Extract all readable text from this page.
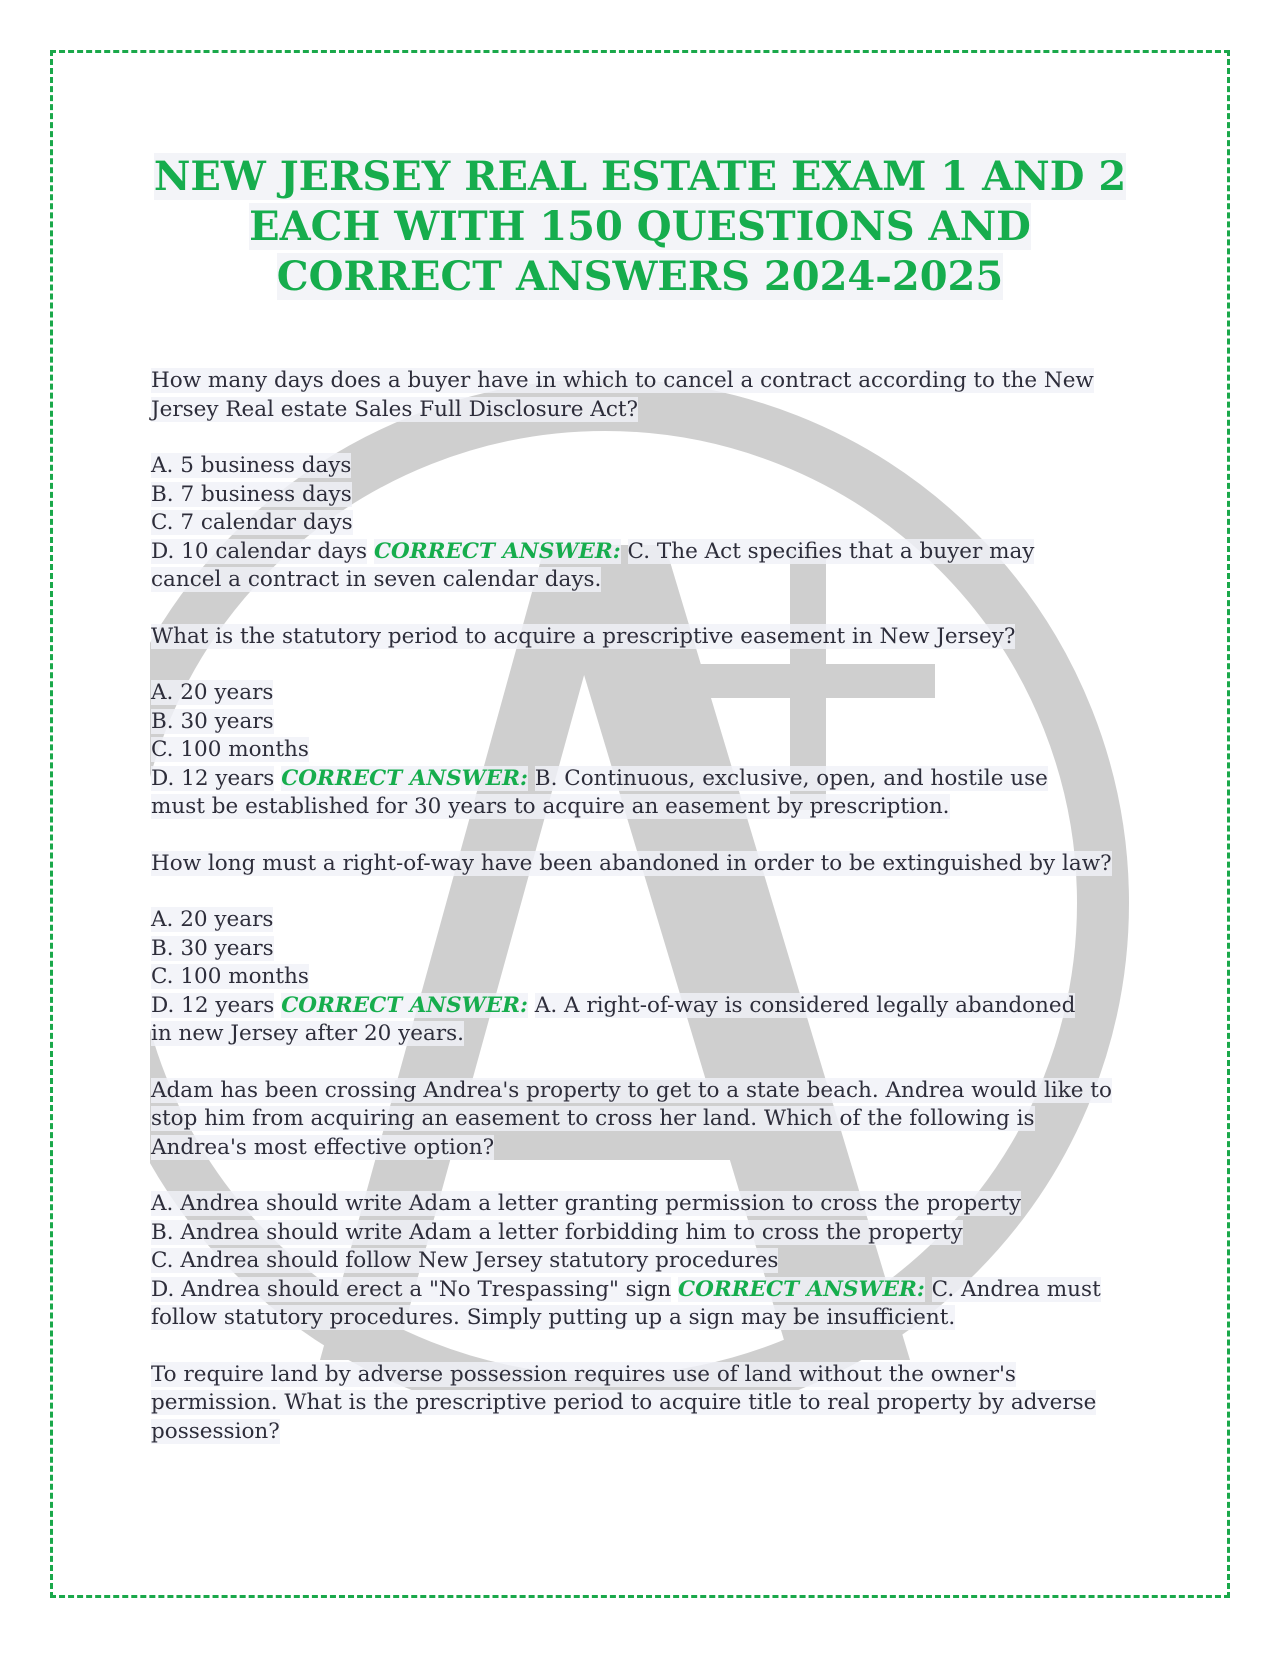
NEW JERSEY REAL ESTATE EXAM 1 AND 2
EACH WITH 150 QUESTIONS AND
CORRECT ANSWERS 2024-2025
How many days does a buyer have in which to cancel a contract according to the New
Jersey Real estate Sales Full Disclosure Act?
A. 5 business days
B. 7 business days
C. 7 calendar days
D. 10 calendar days CORRECT ANSWER: C. The Act specifies that a buyer may
cancel a contract in seven calendar days.
What is the statutory period to acquire a prescriptive easement in New Jersey?
A. 20 years
B. 30 years
C. 100 months
D. 12 years CORRECT ANSWER: B. Continuous, exclusive, open, and hostile use
must be established for 30 years to acquire an easement by prescription.
How long must a right-of-way have been abandoned in order to be extinguished by law?
A. 20 years
B. 30 years
C. 100 months
D. 12 years CORRECT ANSWER: A. A right-of-way is considered legally abandoned
in new Jersey after 20 years.
Adam has been crossing Andrea's property to get to a state beach. Andrea would like to
stop him from acquiring an easement to cross her land. Which of the following is
Andrea's most effective option?
A. Andrea should write Adam a letter granting permission to cross the property
B. Andrea should write Adam a letter forbidding him to cross the property
C. Andrea should follow New Jersey statutory procedures
D. Andrea should erect a "No Trespassing" sign CORRECT ANSWER: C. Andrea must
follow statutory procedures. Simply putting up a sign may be insufficient.
To require land by adverse possession requires use of land without the owner's
permission. What is the prescriptive period to acquire title to real property by adverse
possession?
